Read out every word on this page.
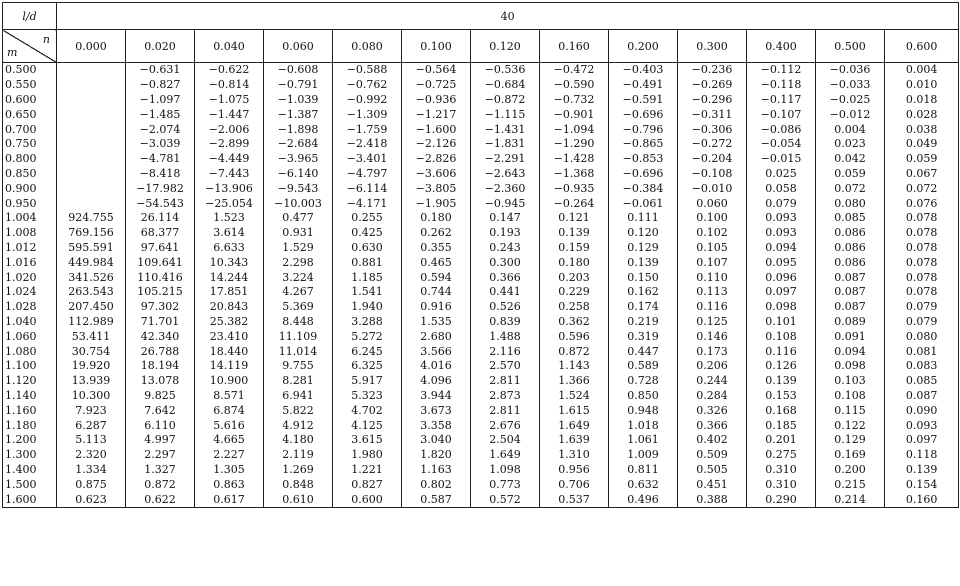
l/d	40												

n
m	0.000	0.020	0.040	0.060	0.080	0.100	0.120	0.160	0.200	0.300	0.400	0.500	0.600
0.500		−0.631	−0.622	−0.608	−0.588	−0.564	−0.536	−0.472	−0.403	−0.236	−0.112	−0.036	0.004
0.550		−0.827	−0.814	−0.791	−0.762	−0.725	−0.684	−0.590	−0.491	−0.269	−0.118	−0.033	0.010
0.600		−1.097	−1.075	−1.039	−0.992	−0.936	−0.872	−0.732	−0.591	−0.296	−0.117	−0.025	0.018
0.650		−1.485	−1.447	−1.387	−1.309	−1.217	−1.115	−0.901	−0.696	−0.311	−0.107	−0.012	0.028
0.700		−2.074	−2.006	−1.898	−1.759	−1.600	−1.431	−1.094	−0.796	−0.306	−0.086	0.004	0.038
0.750		−3.039	−2.899	−2.684	−2.418	−2.126	−1.831	−1.290	−0.865	−0.272	−0.054	0.023	0.049
0.800		−4.781	−4.449	−3.965	−3.401	−2.826	−2.291	−1.428	−0.853	−0.204	−0.015	0.042	0.059
0.850		−8.418	−7.443	−6.140	−4.797	−3.606	−2.643	−1.368	−0.696	−0.108	0.025	0.059	0.067
0.900		−17.982	−13.906	−9.543	−6.114	−3.805	−2.360	−0.935	−0.384	−0.010	0.058	0.072	0.072
0.950		−54.543	−25.054	−10.003	−4.171	−1.905	−0.945	−0.264	−0.061	0.060	0.079	0.080	0.076
1.004	924.755	26.114	1.523	0.477	0.255	0.180	0.147	0.121	0.111	0.100	0.093	0.085	0.078
1.008	769.156	68.377	3.614	0.931	0.425	0.262	0.193	0.139	0.120	0.102	0.093	0.086	0.078
1.012	595.591	97.641	6.633	1.529	0.630	0.355	0.243	0.159	0.129	0.105	0.094	0.086	0.078
1.016	449.984	109.641	10.343	2.298	0.881	0.465	0.300	0.180	0.139	0.107	0.095	0.086	0.078
1.020	341.526	110.416	14.244	3.224	1.185	0.594	0.366	0.203	0.150	0.110	0.096	0.087	0.078
1.024	263.543	105.215	17.851	4.267	1.541	0.744	0.441	0.229	0.162	0.113	0.097	0.087	0.078
1.028	207.450	97.302	20.843	5.369	1.940	0.916	0.526	0.258	0.174	0.116	0.098	0.087	0.079
1.040	112.989	71.701	25.382	8.448	3.288	1.535	0.839	0.362	0.219	0.125	0.101	0.089	0.079
1.060	53.411	42.340	23.410	11.109	5.272	2.680	1.488	0.596	0.319	0.146	0.108	0.091	0.080
1.080	30.754	26.788	18.440	11.014	6.245	3.566	2.116	0.872	0.447	0.173	0.116	0.094	0.081
1.100	19.920	18.194	14.119	9.755	6.325	4.016	2.570	1.143	0.589	0.206	0.126	0.098	0.083
1.120	13.939	13.078	10.900	8.281	5.917	4.096	2.811	1.366	0.728	0.244	0.139	0.103	0.085
1.140	10.300	9.825	8.571	6.941	5.323	3.944	2.873	1.524	0.850	0.284	0.153	0.108	0.087
1.160	7.923	7.642	6.874	5.822	4.702	3.673	2.811	1.615	0.948	0.326	0.168	0.115	0.090
1.180	6.287	6.110	5.616	4.912	4.125	3.358	2.676	1.649	1.018	0.366	0.185	0.122	0.093
1.200	5.113	4.997	4.665	4.180	3.615	3.040	2.504	1.639	1.061	0.402	0.201	0.129	0.097
1.300	2.320	2.297	2.227	2.119	1.980	1.820	1.649	1.310	1.009	0.509	0.275	0.169	0.118
1.400	1.334	1.327	1.305	1.269	1.221	1.163	1.098	0.956	0.811	0.505	0.310	0.200	0.139
1.500	0.875	0.872	0.863	0.848	0.827	0.802	0.773	0.706	0.632	0.451	0.310	0.215	0.154
1.600	0.623	0.622	0.617	0.610	0.600	0.587	0.572	0.537	0.496	0.388	0.290	0.214	0.160
